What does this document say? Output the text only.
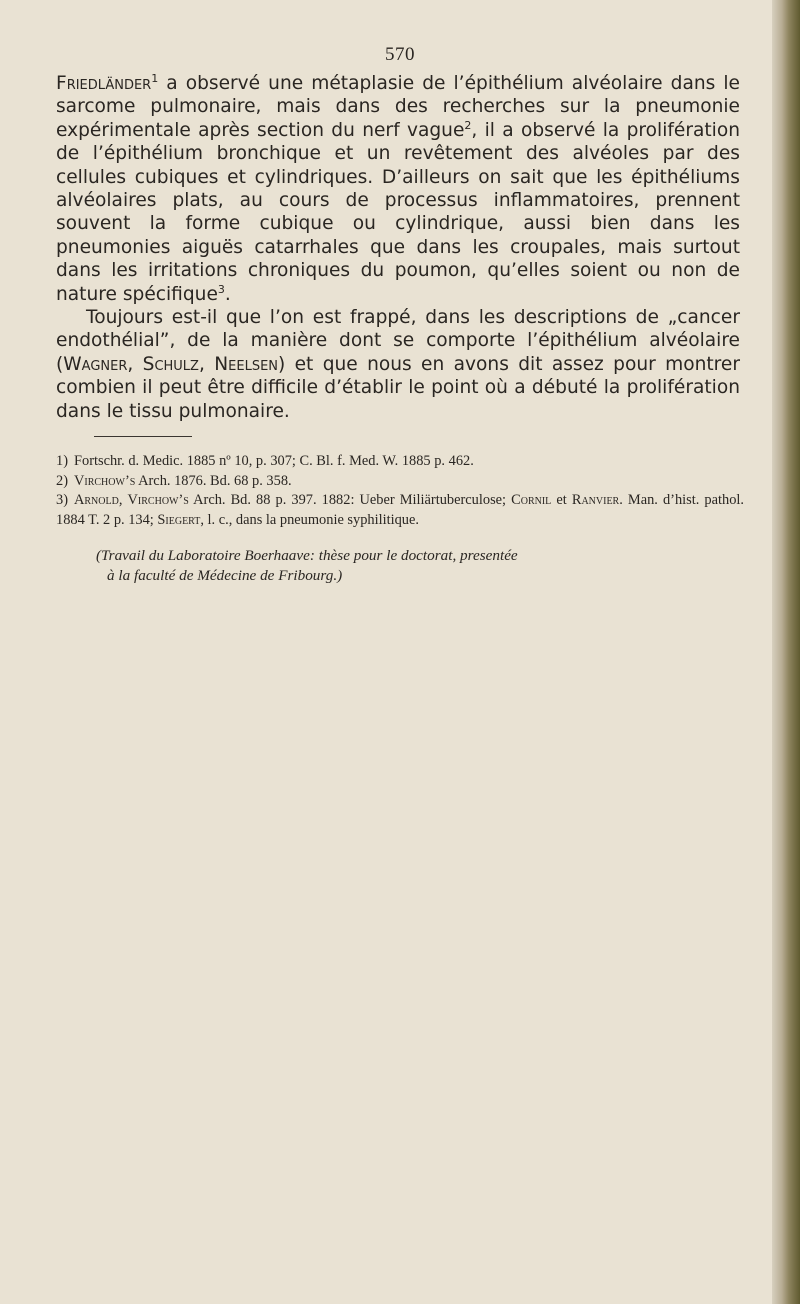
570

Friedländer$^1$ a observé une métaplasie de l’épithélium alvéolaire dans le sarcome pulmonaire, mais dans des recherches sur la pneumonie expérimentale après section du nerf vague$^2$, il a observé la prolifération de l’épithélium bronchique et un revêtement des alvéoles par des cellules cubiques et cylindriques. D’ailleurs on sait que les épithéliums alvéolaires plats, au cours de processus inflammatoires, prennent souvent la forme cubique ou cylindrique, aussi bien dans les pneumonies aiguës catarrhales que dans les croupales, mais surtout dans les irritations chroniques du poumon, qu’elles soient ou non de nature spécifique$^3$.

Toujours est-il que l’on est frappé, dans les descriptions de „cancer endothélial”, de la manière dont se comporte l’épithélium alvéolaire (Wagner, Schulz, Neelsen) et que nous en avons dit assez pour montrer combien il peut être difficile d’établir le point où a débuté la prolifération dans le tissu pulmonaire.

1) Fortschr. d. Medic. 1885 nº 10, p. 307; C. Bl. f. Med. W. 1885 p. 462.

2) Virchow’s Arch. 1876. Bd. 68 p. 358.

3) Arnold, Virchow’s Arch. Bd. 88 p. 397. 1882: Ueber Miliärtuberculose; Cornil et Ranvier. Man. d’hist. pathol. 1884 T. 2 p. 134; Siegert, l. c., dans la pneumonie syphilitique.

(Travail du Laboratoire Boerhaave: thèse pour le doctorat, presentée
à la faculté de Médecine de Fribourg.)
